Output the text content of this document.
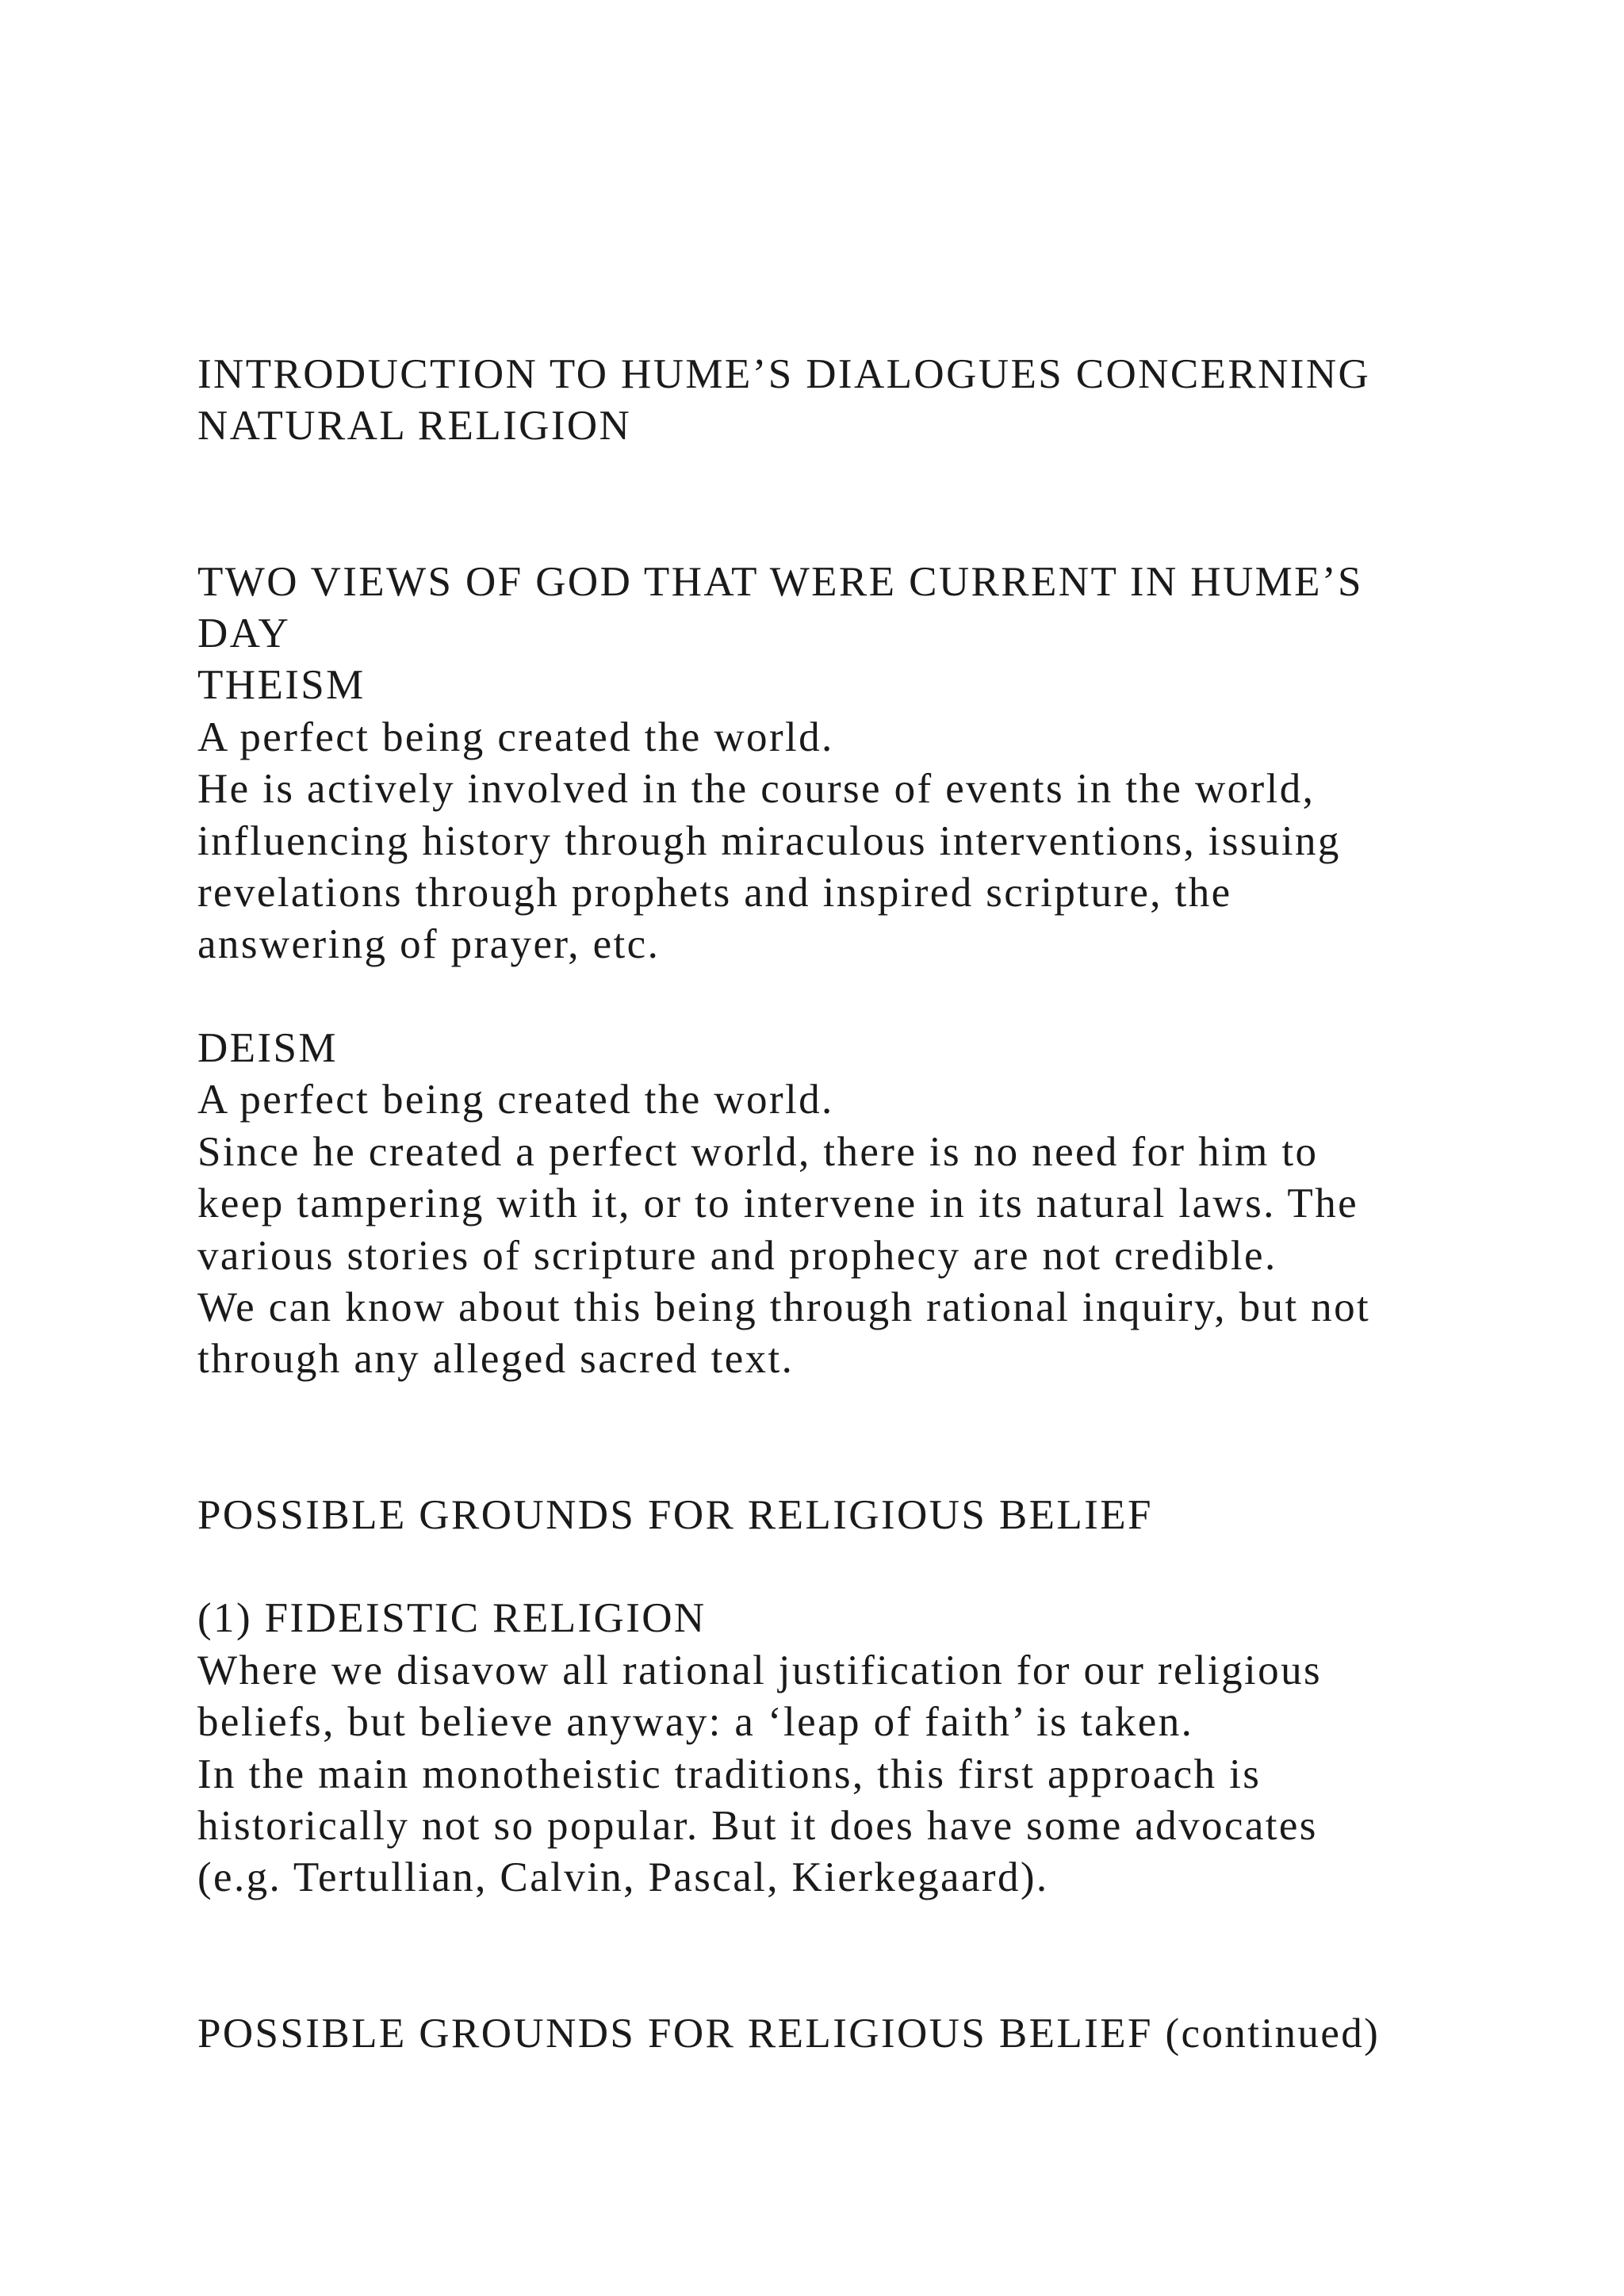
INTRODUCTION TO HUME’S DIALOGUES CONCERNING
NATURAL RELIGION
TWO VIEWS OF GOD THAT WERE CURRENT IN HUME’S
DAY
THEISM
A perfect being created the world.
He is actively involved in the course of events in the world,
influencing history through miraculous interventions, issuing
revelations through prophets and inspired scripture, the
answering of prayer, etc.
DEISM
A perfect being created the world.
Since he created a perfect world, there is no need for him to
keep tampering with it, or to intervene in its natural laws. The
various stories of scripture and prophecy are not credible.
We can know about this being through rational inquiry, but not
through any alleged sacred text.
POSSIBLE GROUNDS FOR RELIGIOUS BELIEF
(1) FIDEISTIC RELIGION
Where we disavow all rational justification for our religious
beliefs, but believe anyway: a ‘leap of faith’ is taken.
In the main monotheistic traditions, this first approach is
historically not so popular. But it does have some advocates
(e.g. Tertullian, Calvin, Pascal, Kierkegaard).
POSSIBLE GROUNDS FOR RELIGIOUS BELIEF (continued)
